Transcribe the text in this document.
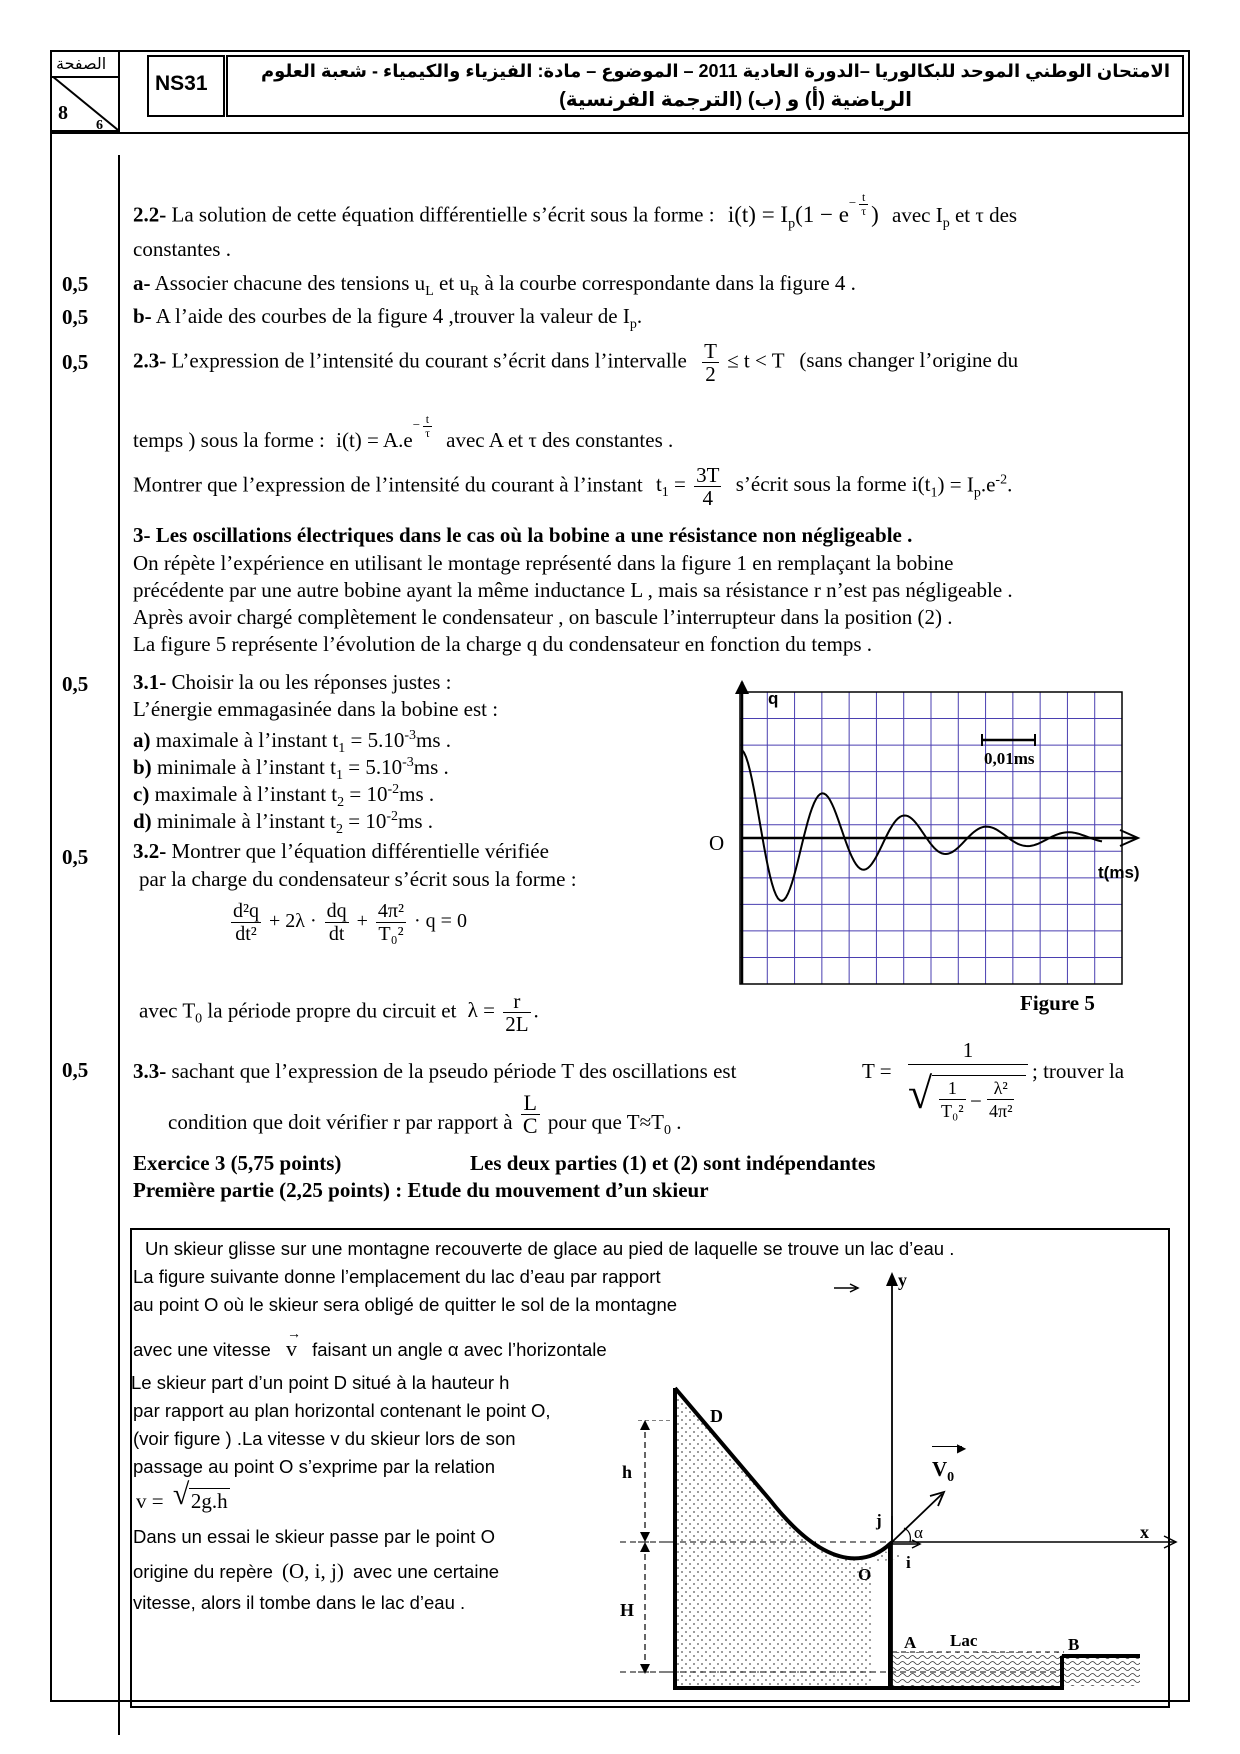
الصفحة
8
6
NS31
الامتحان الوطني الموحد للبكالوريا –الدورة العادية 2011 – الموضوع – مادة: الفيزياء والكيمياء - شعبة العلوم
الرياضية (أ) و (ب) (الترجمة الفرنسية)
0,5
0,5
0,5
0,5
0,5
0,5
2.2- La solution de cette équation différentielle s’écrit sous la forme : $i(t) = I_p(1 - e^{- \frac{t}{\tau}}$ ) avec $I_p$ et τ des
constantes .
a- Associer chacune des tensions $u_L$ et $u_R$ à la courbe correspondante dans la figure 4 .
b- A l’aide des courbes de la figure 4 ,trouver la valeur de $I_p$.
2.3- L’expression de l’intensité du courant s’écrit dans l’intervalle $\frac{T}{2} \le t < T$ (sans changer l’origine du
temps ) sous la forme : $i(t) = A.e^{- \frac{t}{\tau}}$
avec A et τ des constantes .
Montrer que l’expression de l’intensité du courant à l’instant $t_1 = \frac{3T}{4}$ s’écrit sous la forme $i(t_1) = I_p.e^{-2}$.
3- Les oscillations électriques dans le cas où la bobine a une résistance non négligeable .
On répète l’expérience en utilisant le montage représenté dans la figure 1 en remplaçant la bobine
précédente par une autre bobine ayant la même inductance L , mais sa résistance r n’est pas négligeable .
Après avoir chargé complètement le condensateur , on bascule l’interrupteur dans la position (2) .
La figure 5 représente l’évolution de la charge q du condensateur en fonction du temps .
3.1- Choisir la ou les réponses justes :
L’énergie emmagasinée dans la bobine est :
a) maximale à l’instant $t_1 = 5.10^{-3}ms$ .
b) minimale à l’instant $t_1 = 5.10^{-3}ms$ .
c) maximale à l’instant $t_2 = 10^{-2}ms$ .
d) minimale à l’instant $t_2 = 10^{-2}ms$ .
3.2- Montrer que l’équation différentielle vérifiée
par la charge du condensateur s’écrit sous la forme :
$\frac{\text{d²q}}{\text{dt²}} + 2\lambda \cdot \frac{dq}{dt} + \frac{\text{4π²}}{\text{T₀²}} \cdot q = 0$
avec $T_0$ la période propre du circuit et $\lambda = \frac{r}{2L}$ .
0,01ms
q
t(ms)
O
Figure 5
3.3- sachant que l’expression de la pseudo période T des oscillations est	T =
1
√ $\frac{1}{\text{T₀²}} - \frac{\text{λ²}}{\text{4π²}}$
; trouver la
condition que doit vérifier r par rapport à $\frac{L}{C}$ pour que $T\approx T_0$ .
Exercice 3 (5,75 points)	Les deux parties (1) et (2) sont indépendantes
Première partie (2,25 points) : Etude du mouvement d’un skieur
Un skieur glisse sur une montagne recouverte de glace au pied de laquelle se trouve un lac d’eau .
La figure suivante donne l’emplacement du lac d’eau par rapport
au point O où le skieur sera obligé de quitter le sol de la montagne
avec une vitesse
→
v faisant un angle α avec l’horizontale
Le skieur part d’un point D situé à la hauteur h
par rapport au plan horizontal contenant le point O,
(voir figure ) .La vitesse v du skieur lors de son
passage au point O s’exprime par la relation
v = √ 2g.h
Dans un essai le skieur passe par le point O
origine du repère (O, i, j) avec une certaine
vitesse, alors il tombe dans le lac d’eau .
y
x
D
j
i
O
α
A Lac	B
$V_0$
▶
h
H
